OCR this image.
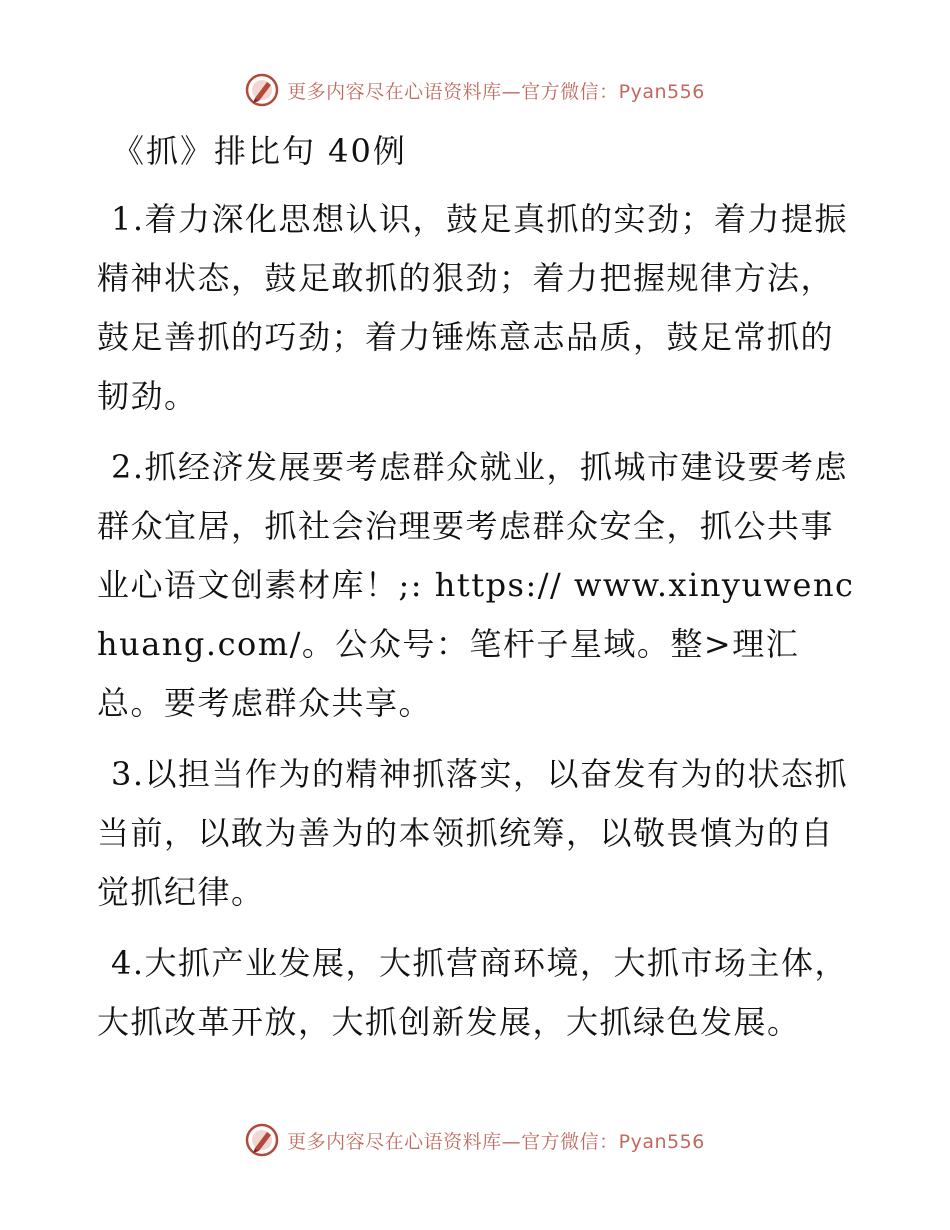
更多内容尽在心语资料库—官方微信：Pyan556
《抓》排比句 40例

1.着力深化思想认识，鼓足真抓的实劲；着力提振精神状态，鼓足敢抓的狠劲；着力把握规律方法，鼓足善抓的巧劲；着力锤炼意志品质，鼓足常抓的韧劲。

2.抓经济发展要考虑群众就业，抓城市建设要考虑群众宜居，抓社会治理要考虑群众安全，抓公共事业心语文创素材库！;: https:// www.xinyuwenchuang.com/。公众号：笔杆子星域。整>理汇总。要考虑群众共享。

3.以担当作为的精神抓落实，以奋发有为的状态抓当前，以敢为善为的本领抓统筹，以敬畏慎为的自觉抓纪律。

4.大抓产业发展，大抓营商环境，大抓市场主体，大抓改革开放，大抓创新发展，大抓绿色发展。

更多内容尽在心语资料库—官方微信：Pyan556
